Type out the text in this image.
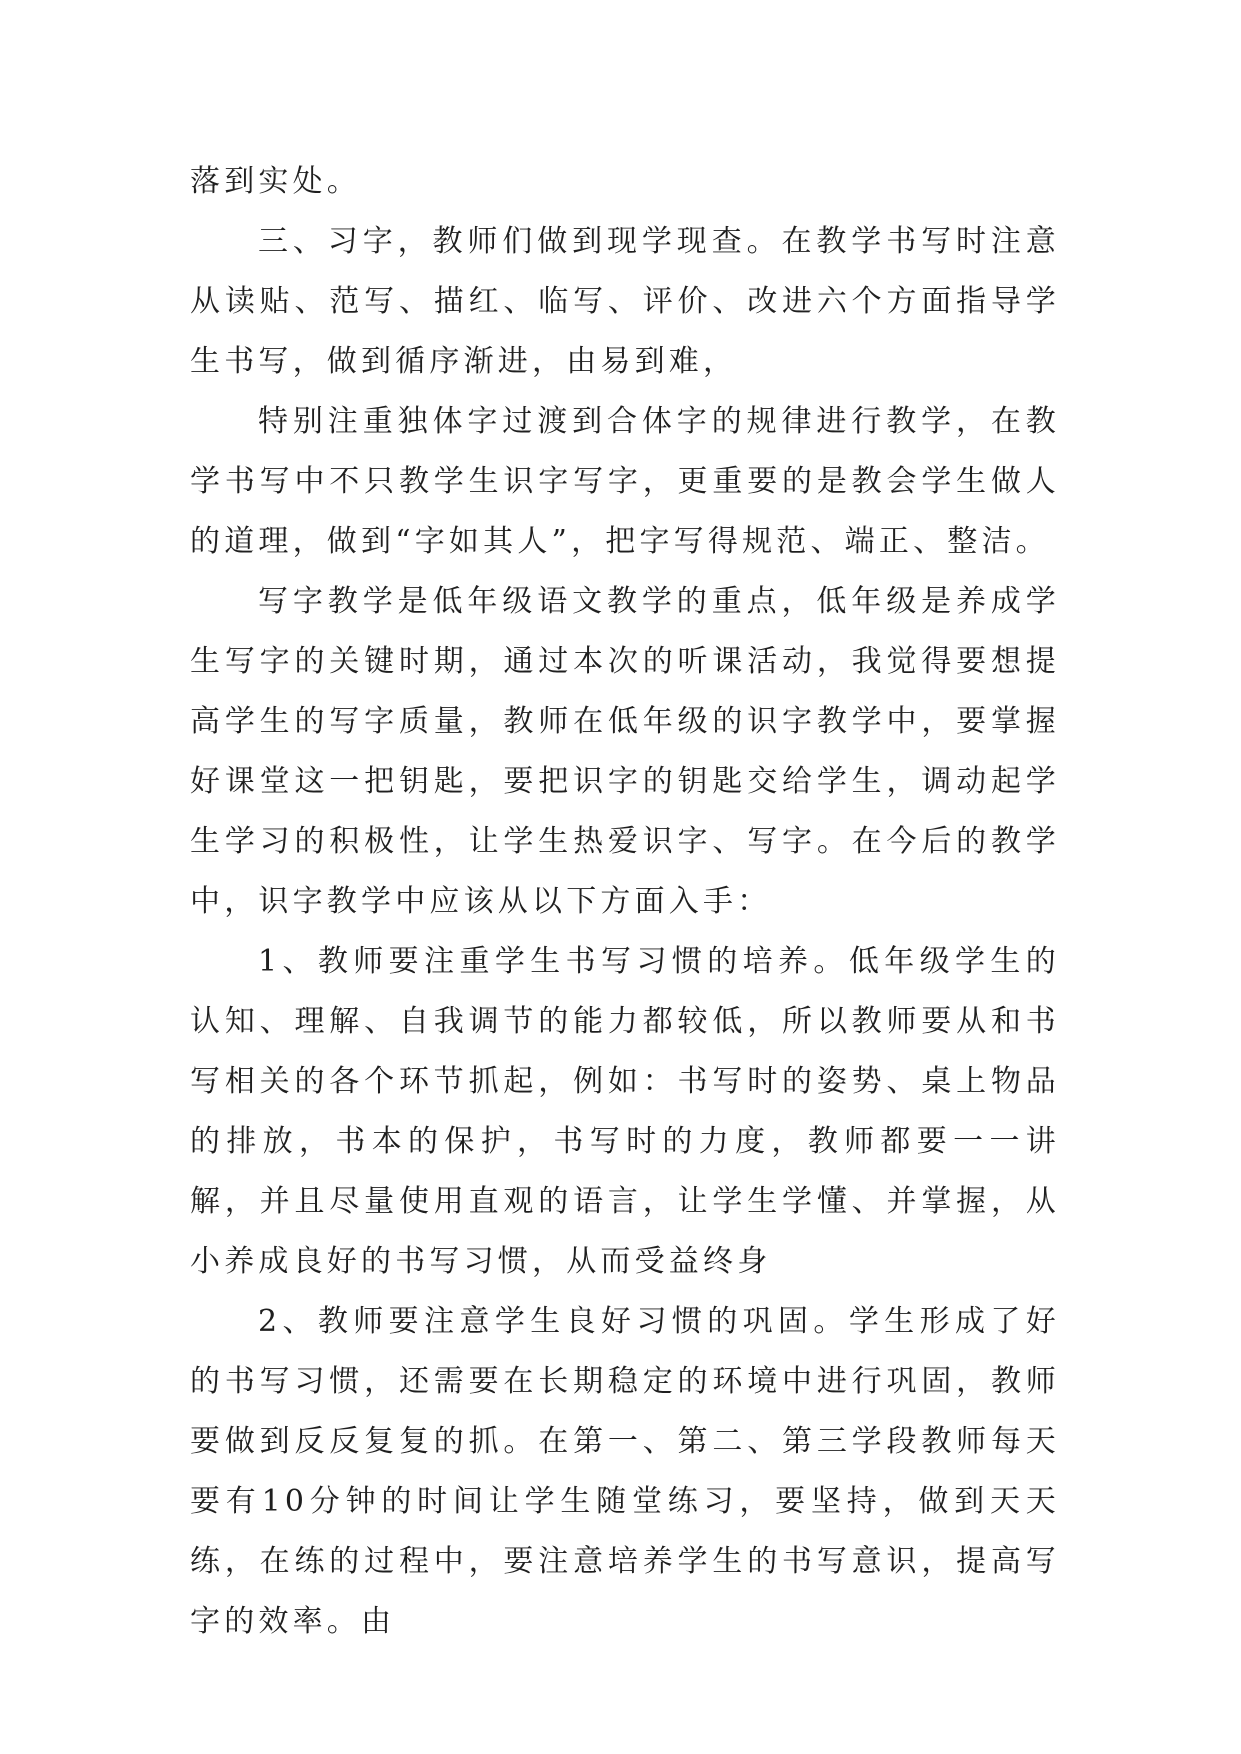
落到实处。

三、习字，教师们做到现学现查。在教学书写时注意从读贴、范写、描红、临写、评价、改进六个方面指导学生书写，做到循序渐进，由易到难，

特别注重独体字过渡到合体字的规律进行教学，在教学书写中不只教学生识字写字，更重要的是教会学生做人的道理，做到“字如其人”，把字写得规范、端正、整洁。

写字教学是低年级语文教学的重点，低年级是养成学生写字的关键时期，通过本次的听课活动，我觉得要想提高学生的写字质量，教师在低年级的识字教学中，要掌握好课堂这一把钥匙，要把识字的钥匙交给学生，调动起学生学习的积极性，让学生热爱识字、写字。在今后的教学中，识字教学中应该从以下方面入手：

1、教师要注重学生书写习惯的培养。低年级学生的认知、理解、自我调节的能力都较低，所以教师要从和书写相关的各个环节抓起，例如：书写时的姿势、桌上物品的排放，书本的保护，书写时的力度，教师都要一一讲解，并且尽量使用直观的语言，让学生学懂、并掌握，从小养成良好的书写习惯，从而受益终身

2、教师要注意学生良好习惯的巩固。学生形成了好的书写习惯，还需要在长期稳定的环境中进行巩固，教师要做到反反复复的抓。在第一、第二、第三学段教师每天要有10分钟的时间让学生随堂练习，要坚持，做到天天练，在练的过程中，要注意培养学生的书写意识，提高写字的效率。由
